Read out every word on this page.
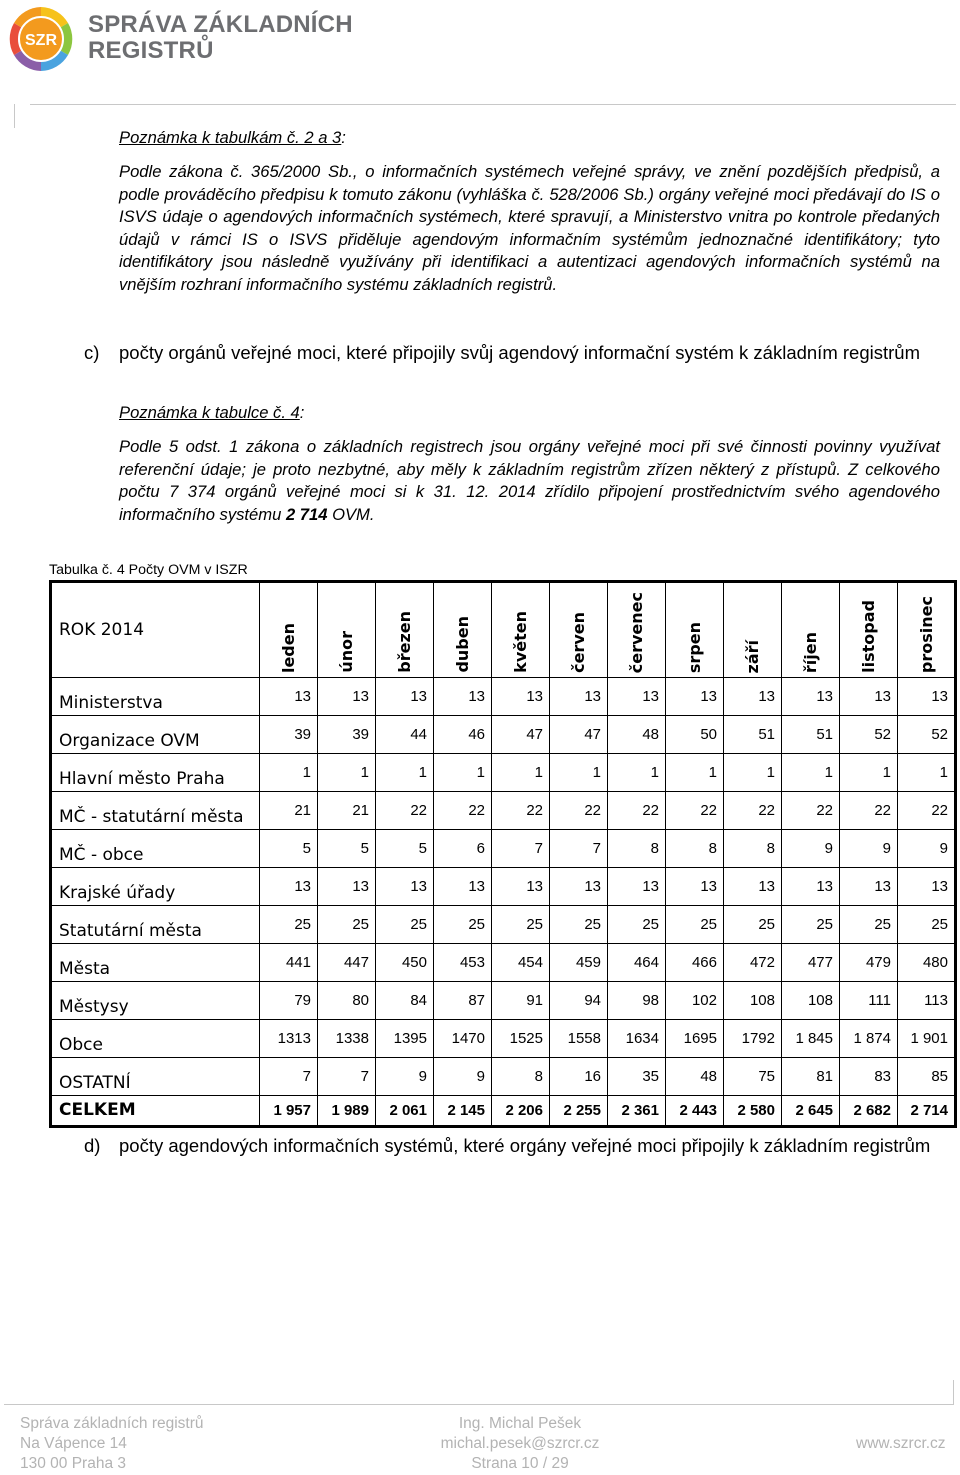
SZR
SPRÁVA ZÁKLADNÍCH
REGISTRŮ
Poznámka k tabulkám č. 2 a 3:
Podle zákona č. 365/2000 Sb., o informačních systémech veřejné správy, ve znění pozdějších předpisů, a podle prováděcího předpisu k tomuto zákonu (vyhláška č. 528/2006 Sb.) orgány veřejné moci předávají do IS o ISVS údaje o agendových informačních systémech, které spravují, a Ministerstvo vnitra po kontrole předaných údajů v rámci IS o ISVS přiděluje agendovým informačním systémům jednoznačné identifikátory; tyto identifikátory jsou následně využívány při identifikaci a autentizaci agendových informačních systémů na vnějším rozhraní informačního systému základních registrů.
c) počty orgánů veřejné moci, které připojily svůj agendový informační systém k základním registrům
Poznámka k tabulce č. 4:
Podle 5 odst. 1 zákona o základních registrech jsou orgány veřejné moci při své činnosti povinny využívat referenční údaje; je proto nezbytné, aby měly k základním registrům zřízen některý z přístupů. Z celkového počtu 7 374 orgánů veřejné moci si k 31. 12. 2014 zřídilo připojení prostřednictvím svého agendového informačního systému 2 714 OVM.
Tabulka č. 4 Počty OVM v ISZR
ROK 2014	leden	únor	březen	duben	květen	červen	červenec	srpen	září	říjen	listopad	prosinec
Ministerstva	13	13	13	13	13	13	13	13	13	13	13	13
Organizace OVM	39	39	44	46	47	47	48	50	51	51	52	52
Hlavní město Praha	1	1	1	1	1	1	1	1	1	1	1	1
MČ - statutární města	21	21	22	22	22	22	22	22	22	22	22	22
MČ - obce	5	5	5	6	7	7	8	8	8	9	9	9
Krajské úřady	13	13	13	13	13	13	13	13	13	13	13	13
Statutární města	25	25	25	25	25	25	25	25	25	25	25	25
Města	441	447	450	453	454	459	464	466	472	477	479	480
Městysy	79	80	84	87	91	94	98	102	108	108	111	113
Obce	1313	1338	1395	1470	1525	1558	1634	1695	1792	1 845	1 874	1 901
OSTATNÍ	7	7	9	9	8	16	35	48	75	81	83	85
CELKEM	1 957	1 989	2 061	2 145	2 206	2 255	2 361	2 443	2 580	2 645	2 682	2 714
d) počty agendových informačních systémů, které orgány veřejné moci připojily k základním registrům
Správa základních registrů
Na Vápence 14
130 00 Praha 3
Ing. Michal Pešek
michal.pesek@szrcr.cz
Strana 10 / 29
www.szrcr.cz
